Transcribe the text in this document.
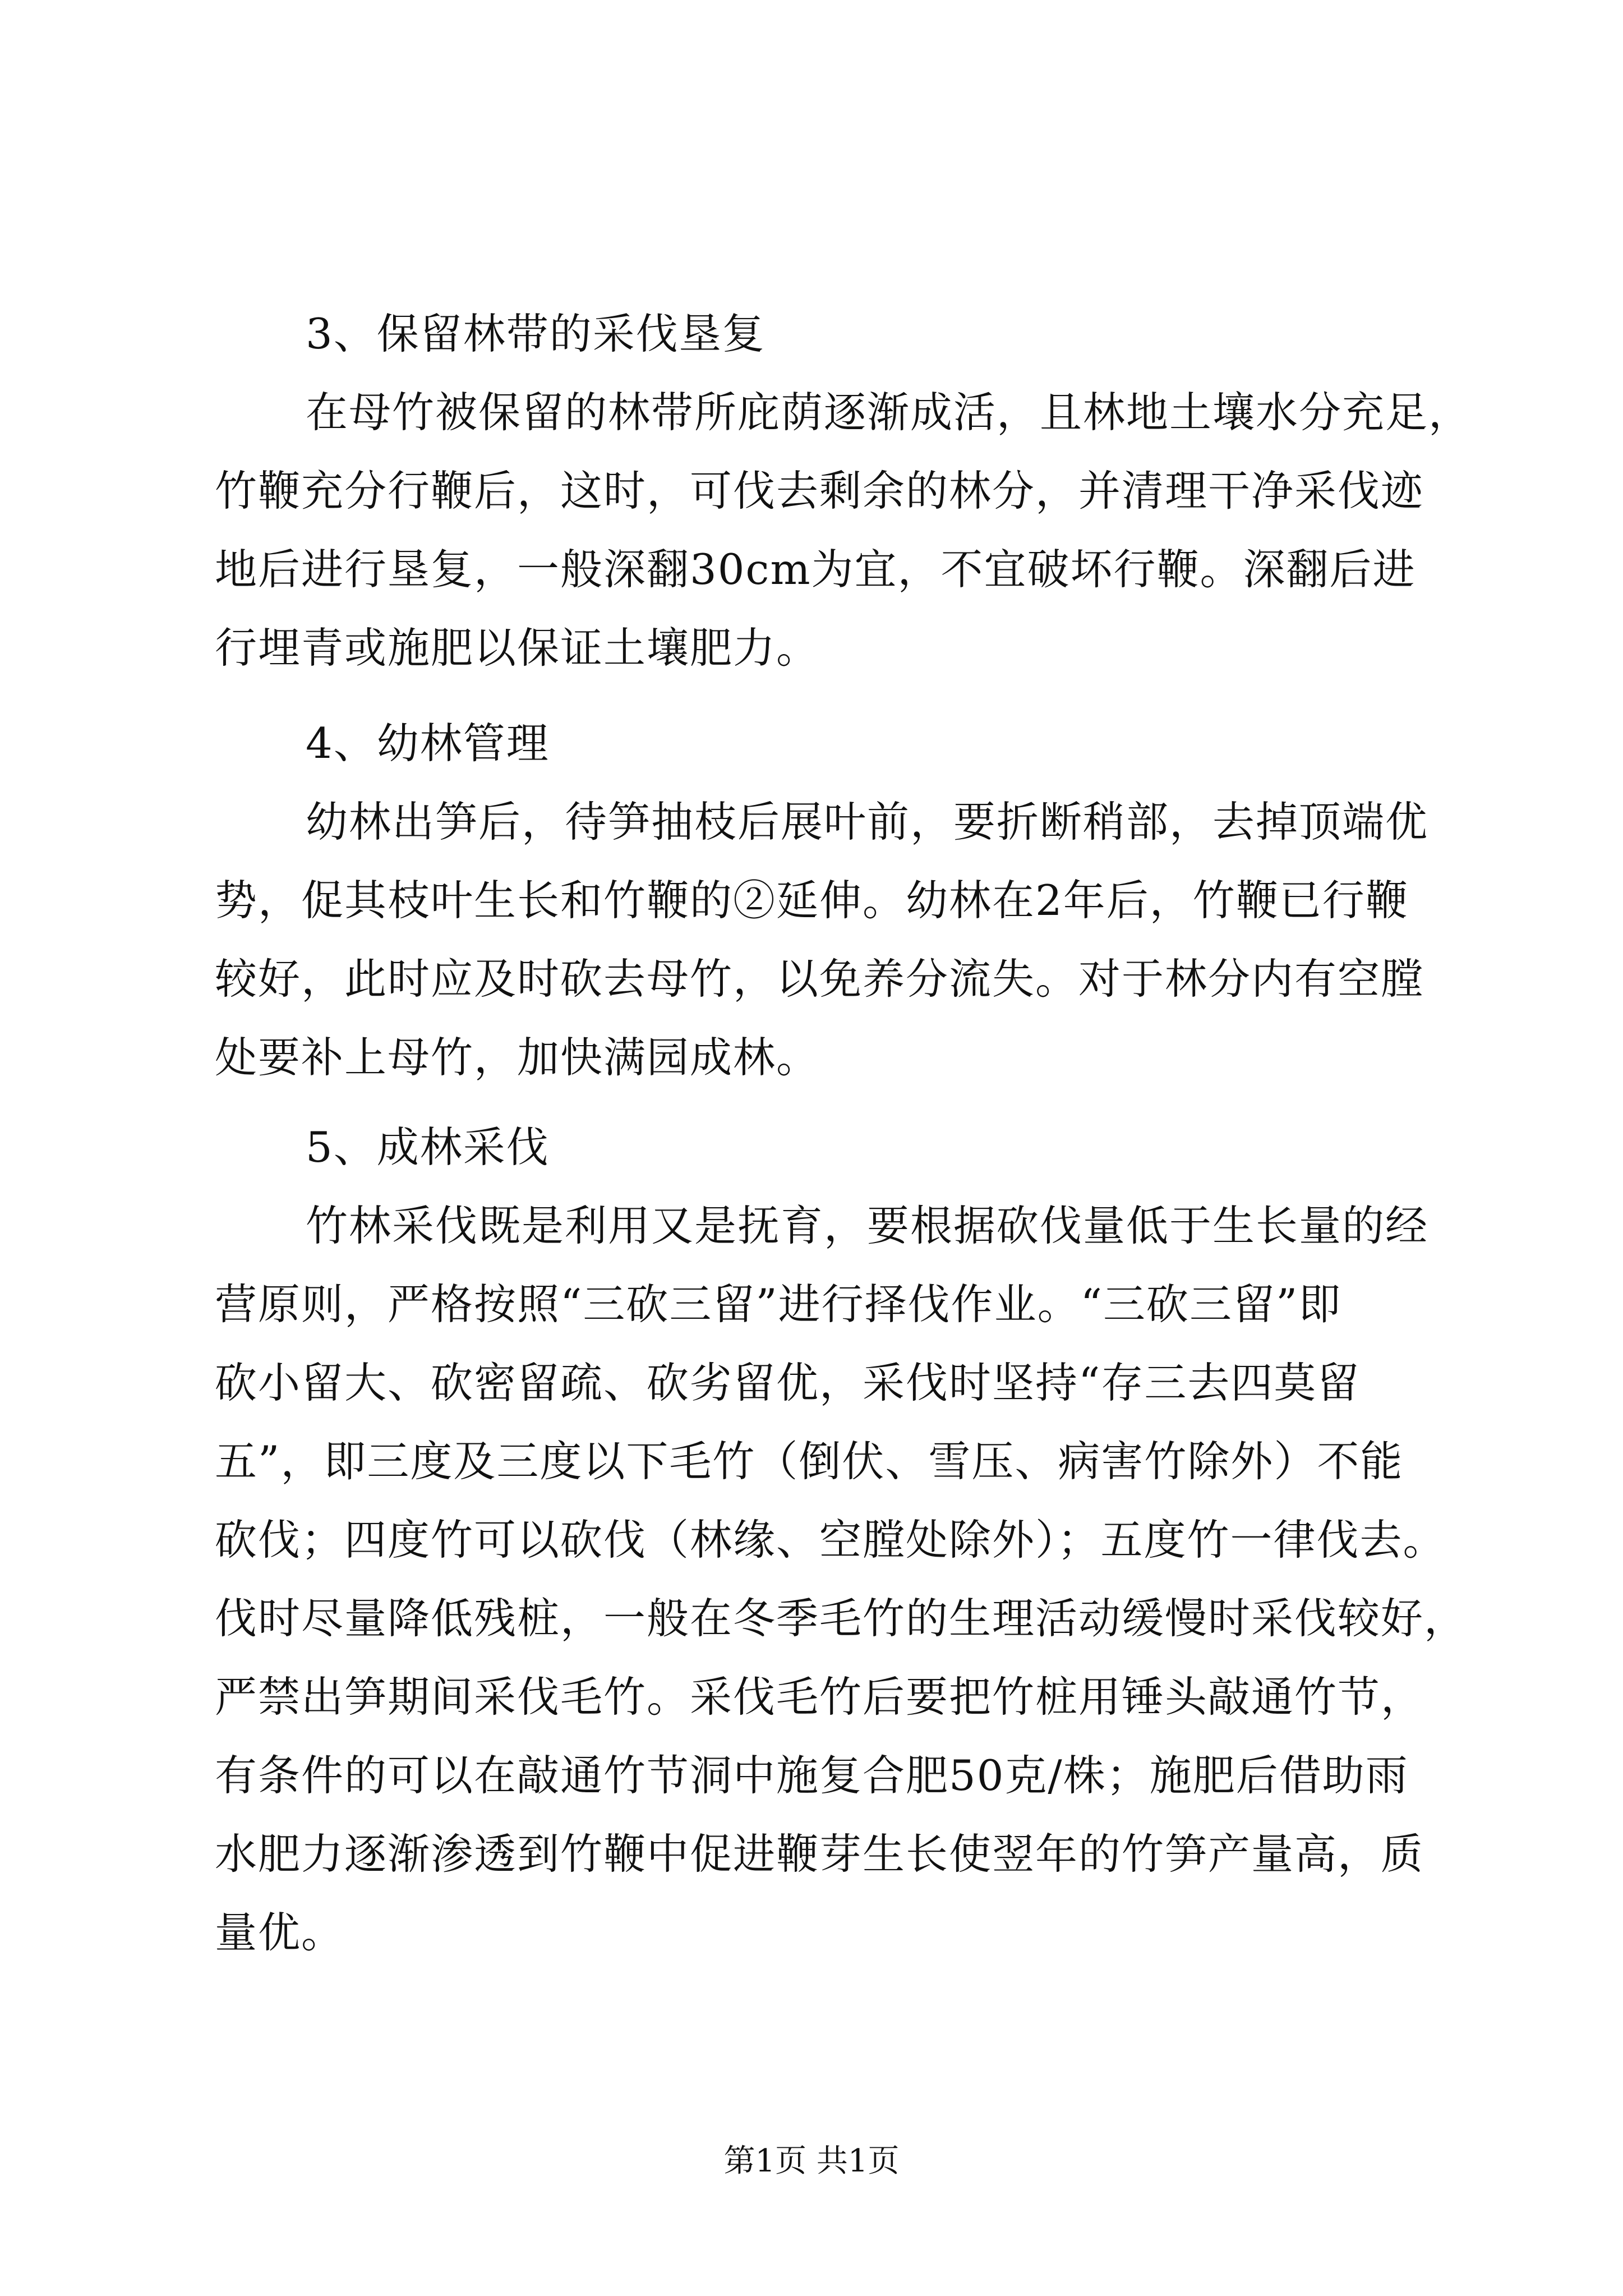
3、保留林带的采伐垦复
在母竹被保留的林带所庇荫逐渐成活，且林地土壤水分充足，
竹鞭充分行鞭后，这时，可伐去剩余的林分，并清理干净采伐迹
地后进行垦复，一般深翻30cm为宜，不宜破坏行鞭。深翻后进
行埋青或施肥以保证土壤肥力。
4、幼林管理
幼林出笋后，待笋抽枝后展叶前，要折断稍部，去掉顶端优
势，促其枝叶生长和竹鞭的②延伸。幼林在2年后，竹鞭已行鞭
较好，此时应及时砍去母竹，以免养分流失。对于林分内有空膛
处要补上母竹，加快满园成林。
5、成林采伐
竹林采伐既是利用又是抚育，要根据砍伐量低于生长量的经
营原则，严格按照“三砍三留”进行择伐作业。“三砍三留”即
砍小留大、砍密留疏、砍劣留优，采伐时坚持“存三去四莫留
五”，即三度及三度以下毛竹（倒伏、雪压、病害竹除外）不能
砍伐；四度竹可以砍伐（林缘、空膛处除外）；五度竹一律伐去。
伐时尽量降低残桩，一般在冬季毛竹的生理活动缓慢时采伐较好，
严禁出笋期间采伐毛竹。采伐毛竹后要把竹桩用锤头敲通竹节，
有条件的可以在敲通竹节洞中施复合肥50克/株；施肥后借助雨
水肥力逐渐渗透到竹鞭中促进鞭芽生长使翌年的竹笋产量高，质
量优。
第1页 共1页
